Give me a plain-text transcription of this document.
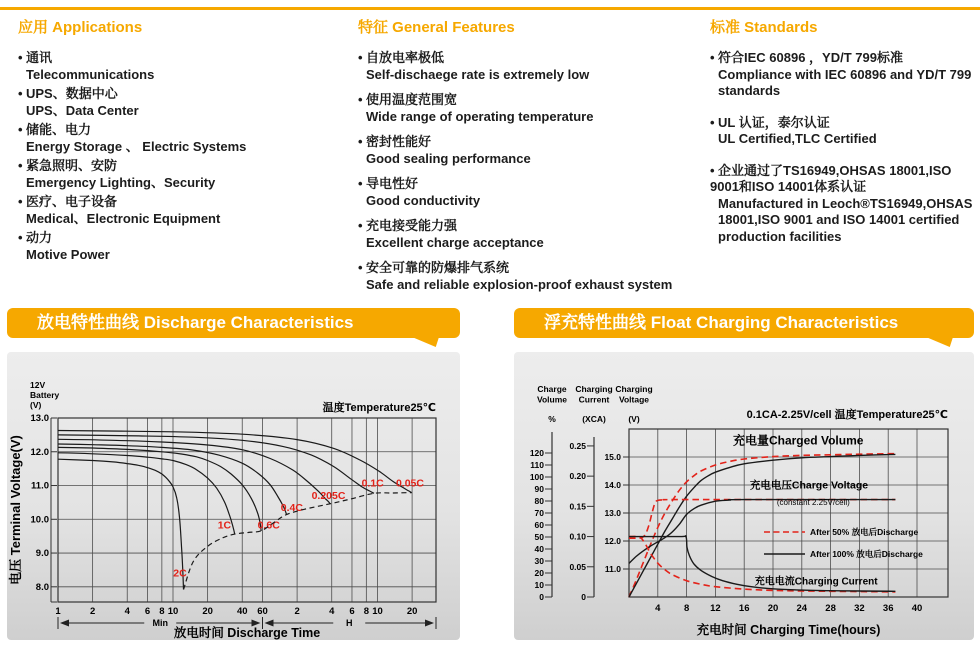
应用 Applications
• 通讯
Telecommunications
• UPS、数据中心
UPS、Data Center
• 储能、电力
Energy Storage 、 Electric Systems
• 紧急照明、安防
Emergency Lighting、Security
• 医疗、电子设备
Medical、Electronic Equipment
• 动力
Motive Power
特征 General Features
• 自放电率极低
Self-dischaege rate is extremely low
• 使用温度范围宽
Wide range of operating temperature
• 密封性能好
Good sealing performance
• 导电性好
Good conductivity
• 充电接受能力强
Excellent charge acceptance
• 安全可靠的防爆排气系统
Safe and reliable explosion-proof exhaust system
标准 Standards
• 符合IEC 60896 ，YD/T 799标准
Compliance with IEC 60896 and YD/T 799 standards
• UL 认证，泰尔认证
UL Certified,TLC Certified
• 企业通过了TS16949,OHSAS 18001,ISO 9001和ISO 14001体系认证
Manufactured in Leoch®TS16949,OHSAS 18001,ISO 9001 and ISO 14001 certified production facilities
放电特性曲线 Discharge Characteristics
13.0
12.0
11.0
10.0
9.0
8.0
12V
Battery
(V)
电压 Terminal Voltage(V)
温度Temperature25℃
1	2	4 6 8 10	20	40 60	2	4 6 8 10	20
2C
1C	0.6C
0.4C
0.205C
0.1C 0.05C
Min	H
放电时间 Discharge Time
浮充特性曲线 Float Charging Characteristics
0
10
20
30
40
50
60
70
80
90
100
110
120
0
0.05
0.10
0.15
0.20
0.25
11.0
12.0
13.0
14.0
15.0
Charge
Volume
%
Charging
Current
(XCA)
Charging
Voltage
(V)	0.1CA-2.25V/cell 温度Temperature25℃
4 8 12 16 20 24 28 32 36 40
充电时间 Charging Time(hours)
充电量Charged Volume
充电电压Charge Voltage
(constant 2.25V/cell)
充电电流Charging Current
After 50% 放电后Discharge
After 100% 放电后Discharge
